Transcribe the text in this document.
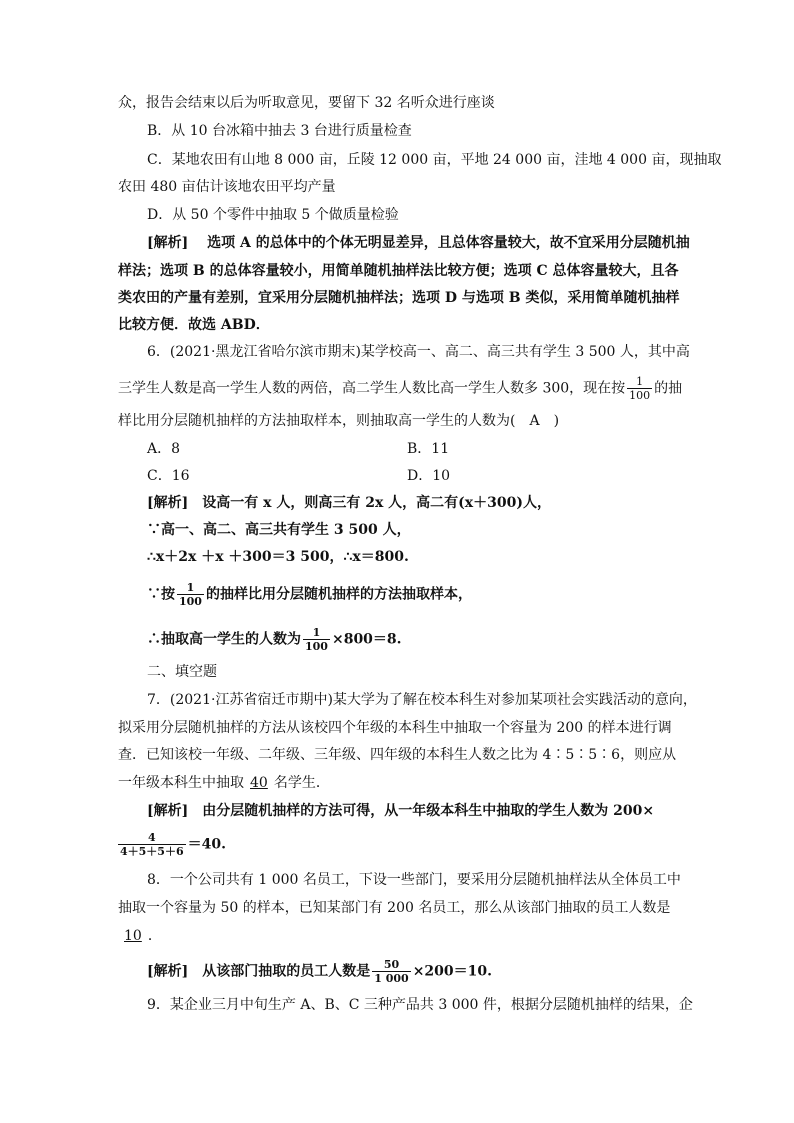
众，报告会结束以后为听取意见，要留下 32 名听众进行座谈
B．从 10 台冰箱中抽去 3 台进行质量检查
C．某地农田有山地 8 000 亩，丘陵 12 000 亩，平地 24 000 亩，洼地 4 000 亩，现抽取
农田 480 亩估计该地农田平均产量
D．从 50 个零件中抽取 5 个做质量检验
[解析]　 选项 A 的总体中的个体无明显差异，且总体容量较大，故不宜采用分层随机抽
样法；选项 B 的总体容量较小，用简单随机抽样法比较方便；选项 C 总体容量较大，且各
类农田的产量有差别，宜采用分层随机抽样法；选项 D 与选项 B 类似，采用简单随机抽样
比较方便．故选 ABD．
6．(2021·黑龙江省哈尔滨市期末)某学校高一、高二、高三共有学生 3 500 人，其中高
三学生人数是高一学生人数的两倍，高二学生人数比高一学生人数多 300，现在按 $\frac{1}{100}$ 的抽
样比用分层随机抽样的方法抽取样本，则抽取高一学生的人数为(　A　)
A．8	B．11
C．16	D．10
[解析]　 设高一有 x 人，则高三有 2x 人，高二有(x＋300)人，
∵高一、高二、高三共有学生 3 500 人，
∴x＋2x ＋x ＋300＝3 500，∴x＝800.
∵按 $\frac{1}{100}$ 的抽样比用分层随机抽样的方法抽取样本，
∴抽取高一学生的人数为 $\frac{1}{100} \times 800=8$.
二、填空题
7．(2021·江苏省宿迁市期中)某大学为了解在校本科生对参加某项社会实践活动的意向，
拟采用分层随机抽样的方法从该校四个年级的本科生中抽取一个容量为 200 的样本进行调
查．已知该校一年级、二年级、三年级、四年级的本科生人数之比为 4∶5∶5∶6，则应从
一年级本科生中抽取 40 名学生．
[解析]　 由分层随机抽样的方法可得，从一年级本科生中抽取的学生人数为 200×
$\frac{4}{4+5+5+6} =40$.
8．一个公司共有 1 000 名员工，下设一些部门，要采用分层随机抽样法从全体员工中
抽取一个容量为 50 的样本，已知某部门有 200 名员工，那么从该部门抽取的员工人数是
10 ．
[解析]　 从该部门抽取的员工人数是 $\frac{50}{1 000} \times 200=10$.
9．某企业三月中旬生产 A、B、C 三种产品共 3 000 件，根据分层随机抽样的结果，企
